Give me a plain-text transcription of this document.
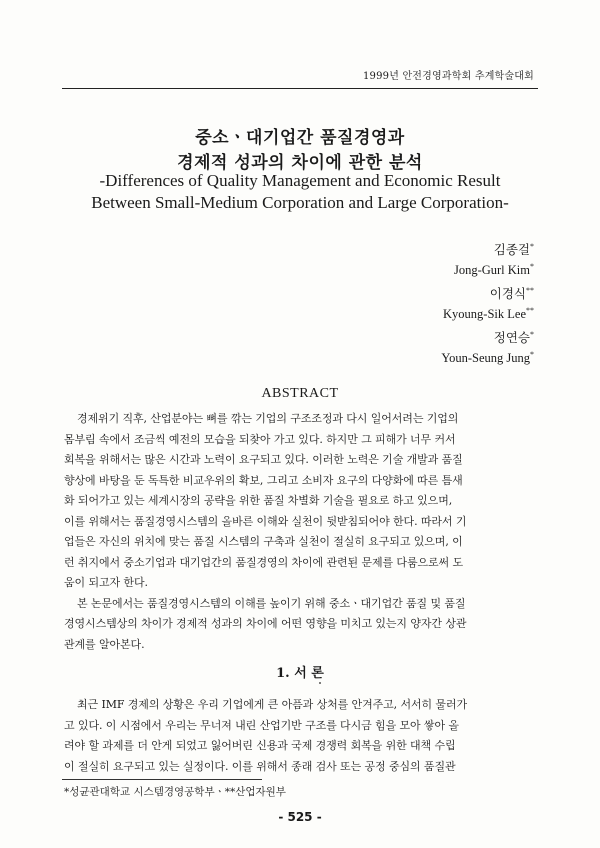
1999년 안전경영과학회 추계학술대회
중소ㆍ대기업간 품질경영과
경제적 성과의 차이에 관한 분석
-Differences of Quality Management and Economic Result
Between Small-Medium Corporation and Large Corporation-
김종걸*
Jong-Gurl Kim*
이경식**
Kyoung-Sik Lee**
정연승*
Youn-Seung Jung*
ABSTRACT
경제위기 직후, 산업분야는 뼈를 깎는 기업의 구조조정과 다시 일어서려는 기업의
몸부림 속에서 조금씩 예전의 모습을 되찾아 가고 있다. 하지만 그 피해가 너무 커서
회복을 위해서는 많은 시간과 노력이 요구되고 있다. 이러한 노력은 기술 개발과 품질
향상에 바탕을 둔 독특한 비교우위의 확보, 그리고 소비자 요구의 다양화에 따른 틈새
화 되어가고 있는 세계시장의 공략을 위한 품질 차별화 기술을 필요로 하고 있으며,
이를 위해서는 품질경영시스템의 올바른 이해와 실천이 뒷받침되어야 한다. 따라서 기
업들은 자신의 위치에 맞는 품질 시스템의 구축과 실천이 절실히 요구되고 있으며, 이
런 취지에서 중소기업과 대기업간의 품질경영의 차이에 관련된 문제를 다룸으로써 도
움이 되고자 한다.
본 논문에서는 품질경영시스템의 이해를 높이기 위해 중소ㆍ대기업간 품질 및 품질
1. 서 론
최근 IMF 경제의 상황은 우리 기업에게 큰 아픔과 상처를 안겨주고, 서서히 물러가
고 있다. 이 시점에서 우리는 무너져 내린 산업기반 구조를 다시금 힘을 모아 쌓아 올
려야 할 과제를 더 안게 되었고 잃어버린 신용과 국제 경쟁력 회복을 위한 대책 수립
이 절실히 요구되고 있는 실정이다. 이를 위해서 종래 검사 또는 공정 중심의 품질관
*성균관대학교 시스템경영공학부ㆍ**산업자원부
- 525 -
경영시스템상의 차이가 경제적 성과의 차이에 어떤 영향을 미치고 있는지 양자간 상관
관계를 알아본다.
